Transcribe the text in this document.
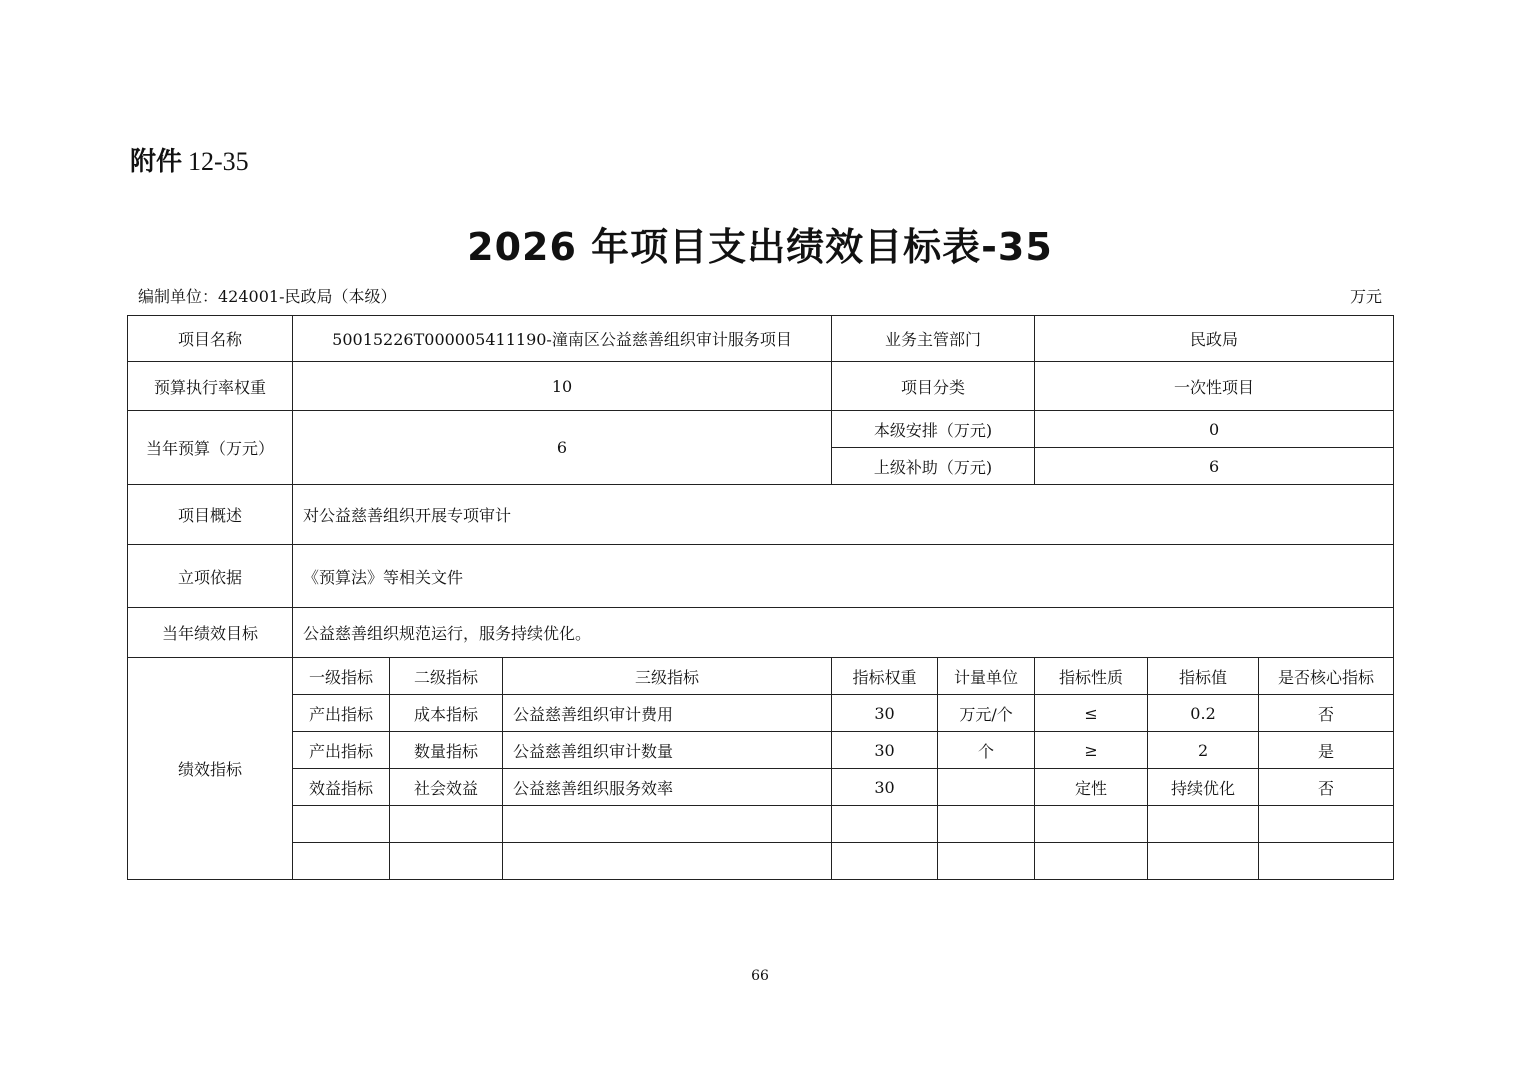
附件 12-35
2026 年项目支出绩效目标表-35
编制单位：424001-民政局（本级）	万元
项目名称	50015226T000005411190-潼南区公益慈善组织审计服务项目			业务主管部门		民政局		
预算执行率权重	10			项目分类		一次性项目		
当年预算（万元）	6			本级安排（万元)		0		
				上级补助（万元)		6		
项目概述	对公益慈善组织开展专项审计							
立项依据	《预算法》等相关文件							
当年绩效目标	公益慈善组织规范运行，服务持续优化。							
绩效指标	一级指标	二级指标	三级指标	指标权重	计量单位	指标性质	指标值	是否核心指标
	产出指标	成本指标	公益慈善组织审计费用	30	万元/个	≤	0.2	否
	产出指标	数量指标	公益慈善组织审计数量	30	个	≥	2	是
	效益指标	社会效益	公益慈善组织服务效率	30		定性	持续优化	否

66
